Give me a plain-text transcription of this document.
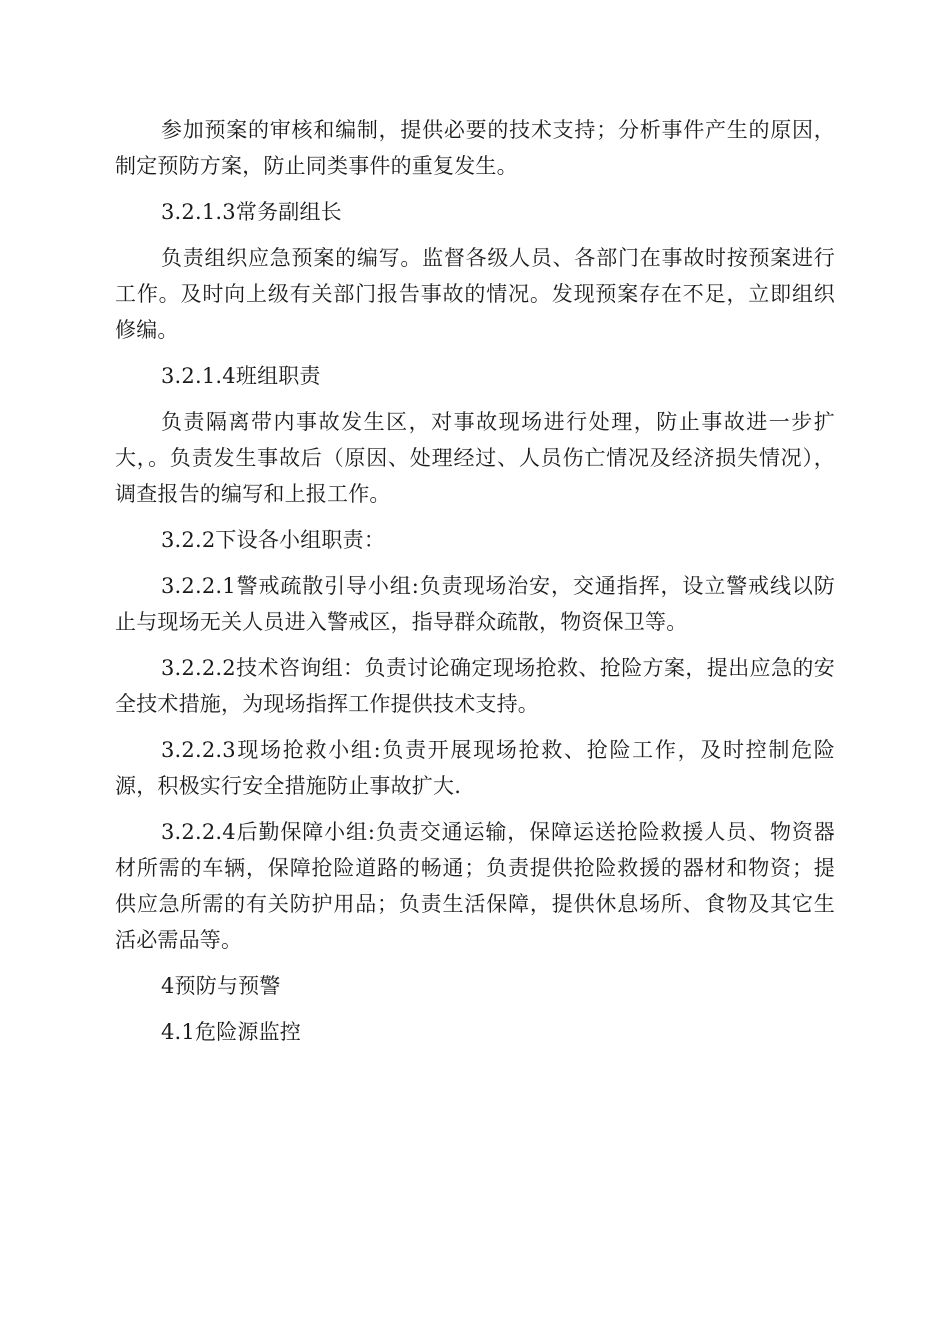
参加预案的审核和编制，提供必要的技术支持；分析事件产生的原因，制定预防方案，防止同类事件的重复发生。

3.2.1.3常务副组长

负责组织应急预案的编写。监督各级人员、各部门在事故时按预案进行工作。及时向上级有关部门报告事故的情况。发现预案存在不足，立即组织修编。

3.2.1.4班组职责

负责隔离带内事故发生区，对事故现场进行处理，防止事故进一步扩大，。负责发生事故后（原因、处理经过、人员伤亡情况及经济损失情况），调查报告的编写和上报工作。

3.2.2下设各小组职责：

3.2.2.1警戒疏散引导小组:负责现场治安，交通指挥，设立警戒线以防止与现场无关人员进入警戒区，指导群众疏散，物资保卫等。

3.2.2.2技术咨询组：负责讨论确定现场抢救、抢险方案，提出应急的安全技术措施，为现场指挥工作提供技术支持。

3.2.2.3现场抢救小组:负责开展现场抢救、抢险工作，及时控制危险源，积极实行安全措施防止事故扩大.

3.2.2.4后勤保障小组:负责交通运输，保障运送抢险救援人员、物资器材所需的车辆，保障抢险道路的畅通；负责提供抢险救援的器材和物资；提供应急所需的有关防护用品；负责生活保障，提供休息场所、食物及其它生活必需品等。

4预防与预警

4.1危险源监控
